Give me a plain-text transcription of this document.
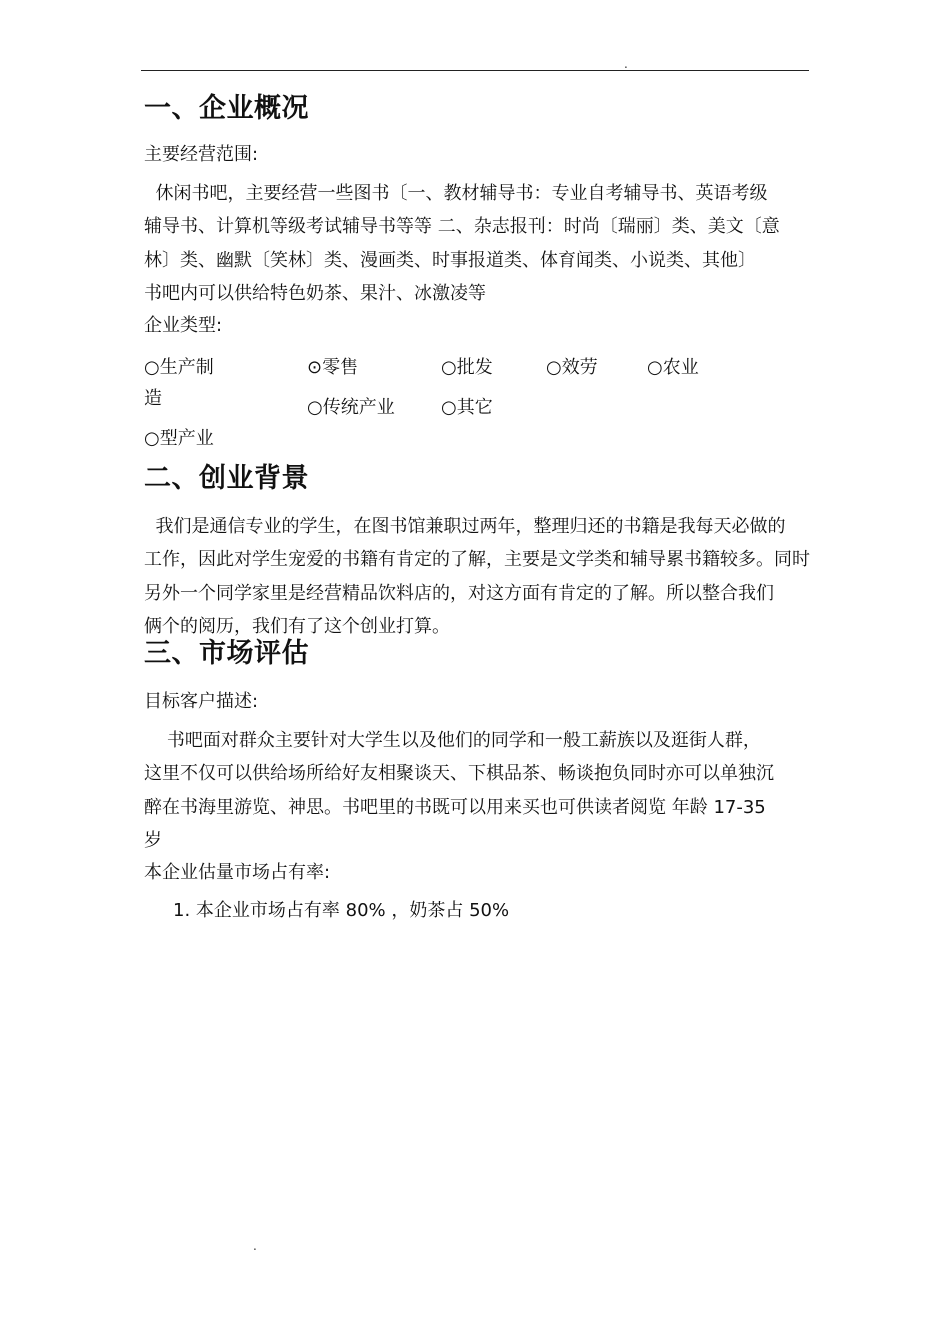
.
一、企业概况
主要经营范围:
休闲书吧，主要经营一些图书〔一、教材辅导书：专业自考辅导书、英语考级
辅导书、计算机等级考试辅导书等等 二、杂志报刊：时尚〔瑞丽〕类、美文〔意
林〕类、幽默〔笑林〕类、漫画类、时事报道类、体育闻类、小说类、其他〕
书吧内可以供给特色奶茶、果汁、冰激凌等
企业类型:
○生产制
造
⊙零售	○批发	○效劳	○农业
○传统产业	○其它
○型产业
二、创业背景
我们是通信专业的学生，在图书馆兼职过两年，整理归还的书籍是我每天必做的
工作，因此对学生宠爱的书籍有肯定的了解，主要是文学类和辅导累书籍较多。同时
另外一个同学家里是经营精品饮料店的，对这方面有肯定的了解。所以整合我们
俩个的阅历，我们有了这个创业打算。
三、市场评估
目标客户描述:
书吧面对群众主要针对大学生以及他们的同学和一般工薪族以及逛街人群，
这里不仅可以供给场所给好友相聚谈天、下棋品茶、畅谈抱负同时亦可以单独沉
醉在书海里游览、神思。书吧里的书既可以用来买也可供读者阅览 年龄 17-35
岁
本企业估量市场占有率:
1. 本企业市场占有率 80% ，奶茶占 50%
.
